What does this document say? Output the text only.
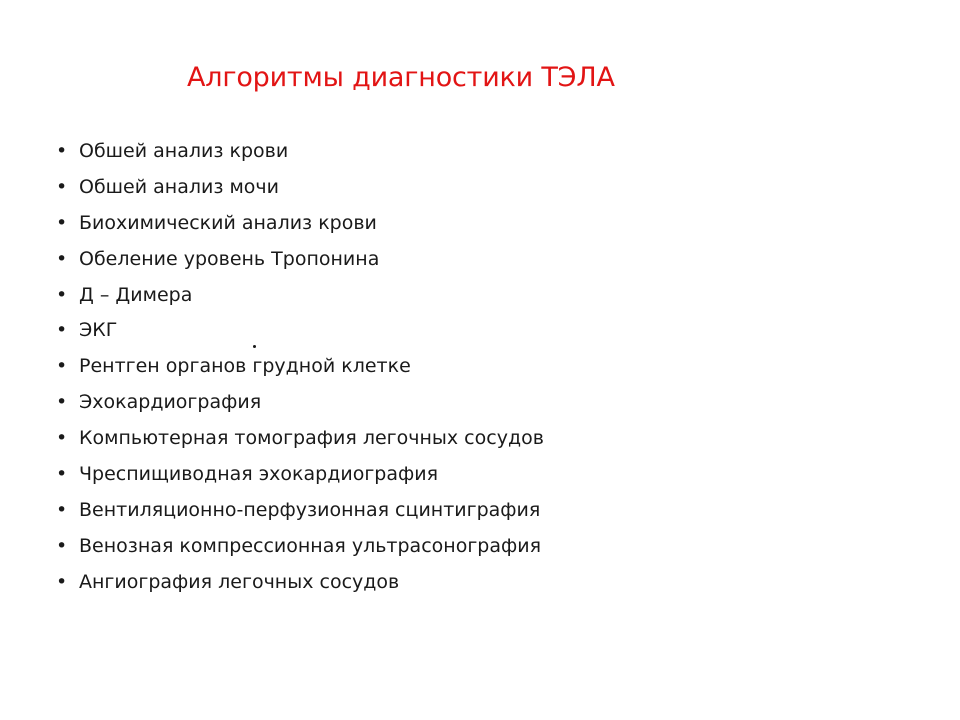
Алгоритмы диагностики ТЭЛА
• Обшей анализ крови
• Обшей анализ мочи
• Биохимический анализ крови
• Обеление уровень Тропонина
• Д – Димера
• ЭКГ
• Рентген органов грудной клетке
• Эхокардиография
• Компьютерная томография легочных сосудов
• Чреспищиводная эхокардиография
• Вентиляционно-перфузионная сцинтиграфия
• Венозная компрессионная ультрасонография
• Ангиография легочных сосудов
